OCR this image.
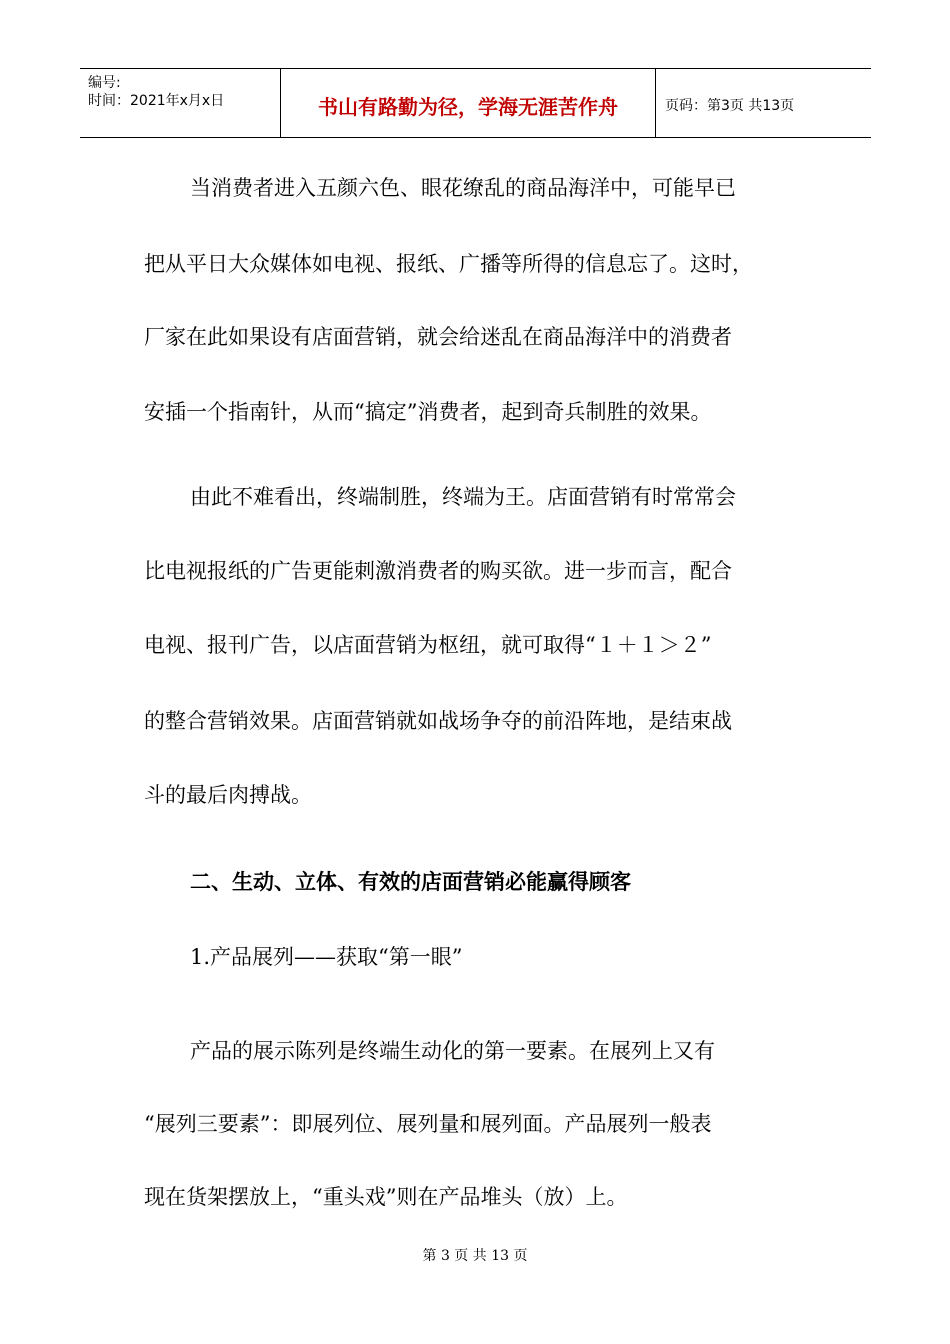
编号:
时间：2021年x月x日	书山有路勤为径，学海无涯苦作舟	页码：第3页 共13页
当消费者进入五颜六色、眼花缭乱的商品海洋中，可能早已
把从平日大众媒体如电视、报纸、广播等所得的信息忘了。这时，
厂家在此如果设有店面营销，就会给迷乱在商品海洋中的消费者
安插一个指南针，从而“搞定”消费者，起到奇兵制胜的效果。
由此不难看出，终端制胜，终端为王。店面营销有时常常会
比电视报纸的广告更能刺激消费者的购买欲。进一步而言，配合
电视、报刊广告，以店面营销为枢纽，就可取得“１＋１＞２”
的整合营销效果。店面营销就如战场争夺的前沿阵地，是结束战
斗的最后肉搏战。
二、生动、立体、有效的店面营销必能赢得顾客
1.产品展列——获取“第一眼”
产品的展示陈列是终端生动化的第一要素。在展列上又有
“展列三要素”：即展列位、展列量和展列面。产品展列一般表
现在货架摆放上，“重头戏”则在产品堆头（放）上。
第 3 页 共 13 页
